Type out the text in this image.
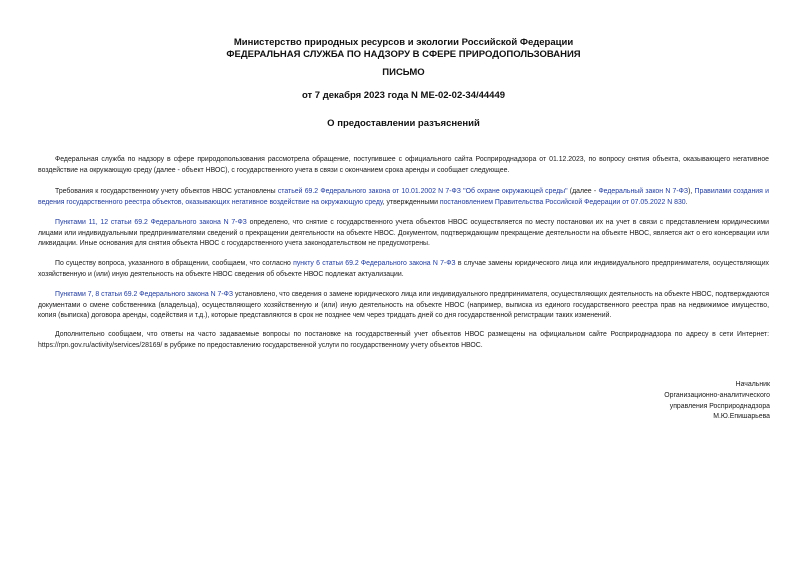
Министерство природных ресурсов и экологии Российской Федерации
ФЕДЕРАЛЬНАЯ СЛУЖБА ПО НАДЗОРУ В СФЕРЕ ПРИРОДОПОЛЬЗОВАНИЯ
ПИСЬМО
от 7 декабря 2023 года N МЕ-02-02-34/44449
О предоставлении разъяснений

Федеральная служба по надзору в сфере природопользования рассмотрела обращение, поступившее с официального сайта Росприроднадзора от 01.12.2023, по вопросу снятия объекта, оказывающего негативное воздействие на окружающую среду (далее - объект НВОС), с государственного учета в связи с окончанием срока аренды и сообщает следующее.

Требования к государственному учету объектов НВОС установлены статьей 69.2 Федерального закона от 10.01.2002 N 7-ФЗ "Об охране окружающей среды" (далее - Федеральный закон N 7-ФЗ), Правилами создания и ведения государственного реестра объектов, оказывающих негативное воздействие на окружающую среду, утвержденными постановлением Правительства Российской Федерации от 07.05.2022 N 830.

Пунктами 11, 12 статьи 69.2 Федерального закона N 7-ФЗ определено, что снятие с государственного учета объектов НВОС осуществляется по месту постановки их на учет в связи с представлением юридическими лицами или индивидуальными предпринимателями сведений о прекращении деятельности на объекте НВОС. Документом, подтверждающим прекращение деятельности на объекте НВОС, является акт о его консервации или ликвидации. Иные основания для снятия объекта НВОС с государственного учета законодательством не предусмотрены.

По существу вопроса, указанного в обращении, сообщаем, что согласно пункту 6 статьи 69.2 Федерального закона N 7-ФЗ в случае замены юридического лица или индивидуального предпринимателя, осуществляющих хозяйственную и (или) иную деятельность на объекте НВОС сведения об объекте НВОС подлежат актуализации.

Пунктами 7, 8 статьи 69.2 Федерального закона N 7-ФЗ установлено, что сведения о замене юридического лица или индивидуального предпринимателя, осуществляющих деятельность на объекте НВОС, подтверждаются документами о смене собственника (владельца), осуществляющего хозяйственную и (или) иную деятельность на объекте НВОС (например, выписка из единого государственного реестра прав на недвижимое имущество, копия (выписка) договора аренды, содействия и т.д.), которые представляются в срок не позднее чем через тридцать дней со дня государственной регистрации таких изменений.

Дополнительно сообщаем, что ответы на часто задаваемые вопросы по постановке на государственный учет объектов НВОС размещены на официальном сайте Росприроднадзора по адресу в сети Интернет: https://rpn.gov.ru/activity/services/28169/ в рубрике по предоставлению государственной услуги по государственному учету объектов НВОС.

Начальник
Организационно-аналитического
управления Росприроднадзора
М.Ю.Епишарьева
